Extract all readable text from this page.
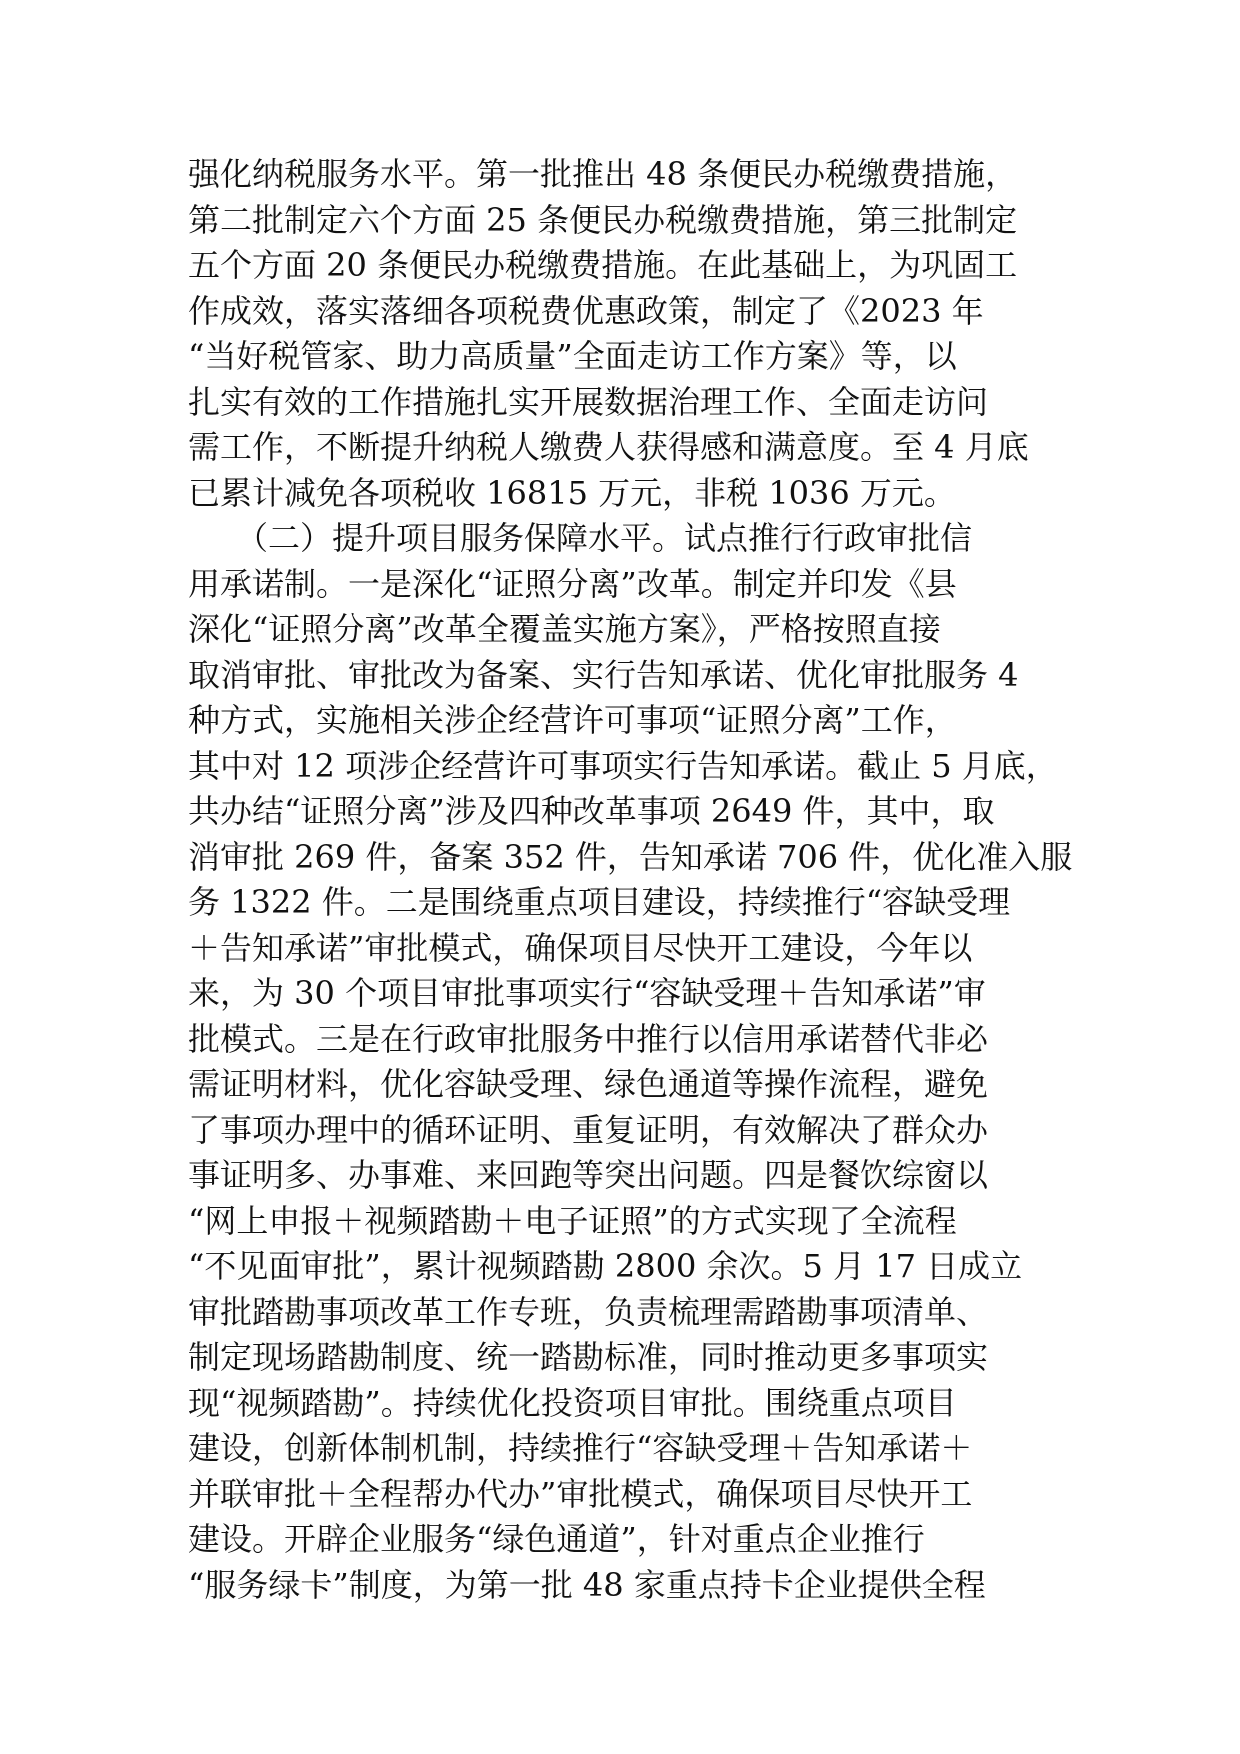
强化纳税服务水平。第一批推出 48 条便民办税缴费措施，
第二批制定六个方面 25 条便民办税缴费措施，第三批制定
五个方面 20 条便民办税缴费措施。在此基础上，为巩固工
作成效，落实落细各项税费优惠政策，制定了《2023 年
“当好税管家、助力高质量”全面走访工作方案》等，以
扎实有效的工作措施扎实开展数据治理工作、全面走访问
需工作，不断提升纳税人缴费人获得感和满意度。至 4 月底
已累计减免各项税收 16815 万元，非税 1036 万元。
　　（二）提升项目服务保障水平。试点推行行政审批信
用承诺制。一是深化“证照分离”改革。制定并印发《县
深化“证照分离”改革全覆盖实施方案》，严格按照直接
取消审批、审批改为备案、实行告知承诺、优化审批服务 4
种方式，实施相关涉企经营许可事项“证照分离”工作，
其中对 12 项涉企经营许可事项实行告知承诺。截止 5 月底，
共办结“证照分离”涉及四种改革事项 2649 件，其中，取
消审批 269 件，备案 352 件，告知承诺 706 件，优化准入服
务 1322 件。二是围绕重点项目建设，持续推行“容缺受理
＋告知承诺”审批模式，确保项目尽快开工建设，今年以
来，为 30 个项目审批事项实行“容缺受理＋告知承诺”审
批模式。三是在行政审批服务中推行以信用承诺替代非必
需证明材料，优化容缺受理、绿色通道等操作流程，避免
了事项办理中的循环证明、重复证明，有效解决了群众办
事证明多、办事难、来回跑等突出问题。四是餐饮综窗以
“网上申报＋视频踏勘＋电子证照”的方式实现了全流程
“不见面审批”，累计视频踏勘 2800 余次。5 月 17 日成立
审批踏勘事项改革工作专班，负责梳理需踏勘事项清单、
制定现场踏勘制度、统一踏勘标准，同时推动更多事项实
现“视频踏勘”。持续优化投资项目审批。围绕重点项目
建设，创新体制机制，持续推行“容缺受理＋告知承诺＋
并联审批＋全程帮办代办”审批模式，确保项目尽快开工
建设。开辟企业服务“绿色通道”，针对重点企业推行
“服务绿卡”制度，为第一批 48 家重点持卡企业提供全程
